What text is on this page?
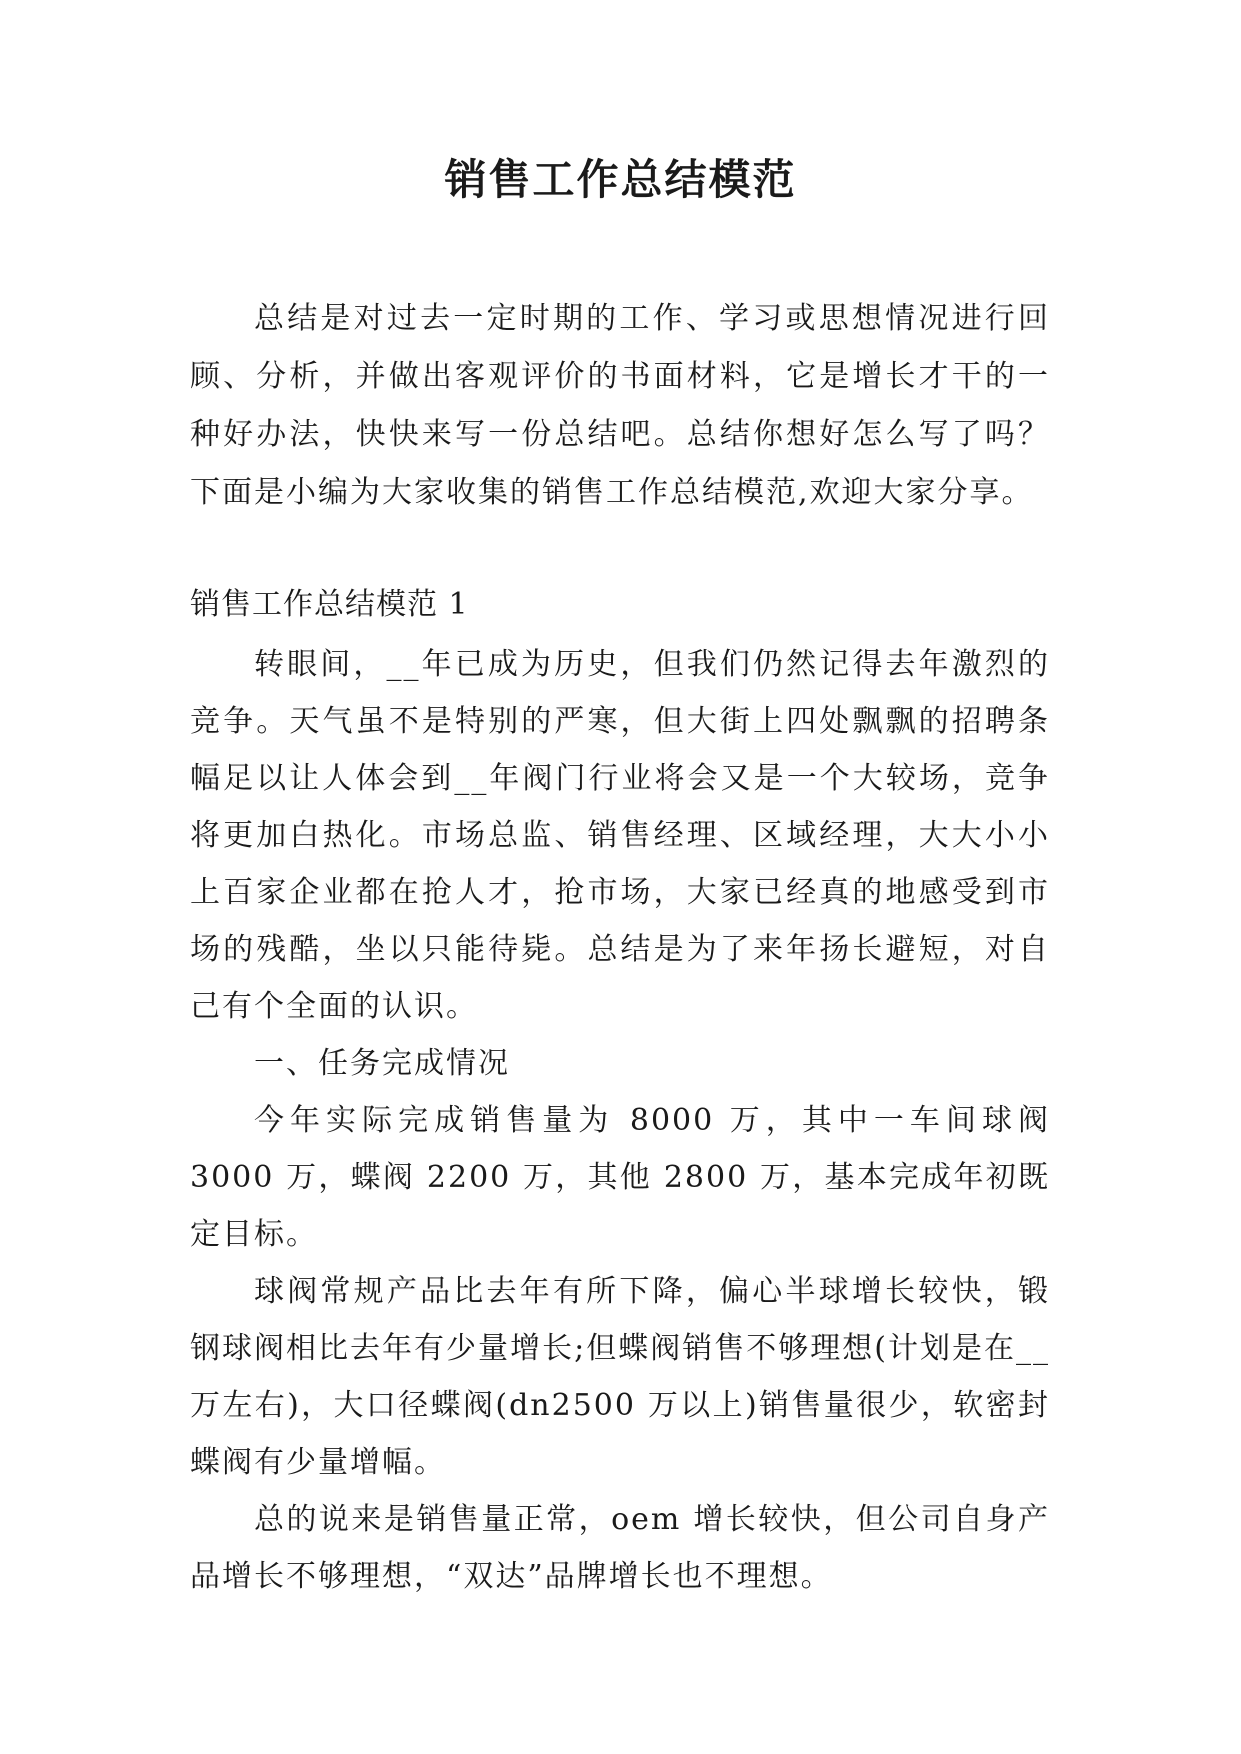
销售工作总结模范

总结是对过去一定时期的工作、学习或思想情况进行回顾、分析，并做出客观评价的书面材料，它是增长才干的一种好办法，快快来写一份总结吧。总结你想好怎么写了吗？下面是小编为大家收集的销售工作总结模范,欢迎大家分享。

销售工作总结模范 1

转眼间，__年已成为历史，但我们仍然记得去年激烈的竞争。天气虽不是特别的严寒，但大街上四处飘飘的招聘条幅足以让人体会到__年阀门行业将会又是一个大较场，竞争将更加白热化。市场总监、销售经理、区域经理，大大小小上百家企业都在抢人才，抢市场，大家已经真的地感受到市场的残酷，坐以只能待毙。总结是为了来年扬长避短，对自己有个全面的认识。

一、任务完成情况

今年实际完成销售量为 8000 万，其中一车间球阀 3000 万，蝶阀 2200 万，其他 2800 万，基本完成年初既定目标。

球阀常规产品比去年有所下降，偏心半球增长较快，锻钢球阀相比去年有少量增长;但蝶阀销售不够理想(计划是在__万左右)，大口径蝶阀(dn2500 万以上)销售量很少，软密封蝶阀有少量增幅。

总的说来是销售量正常，oem 增长较快，但公司自身产品增长不够理想，“双达”品牌增长也不理想。
